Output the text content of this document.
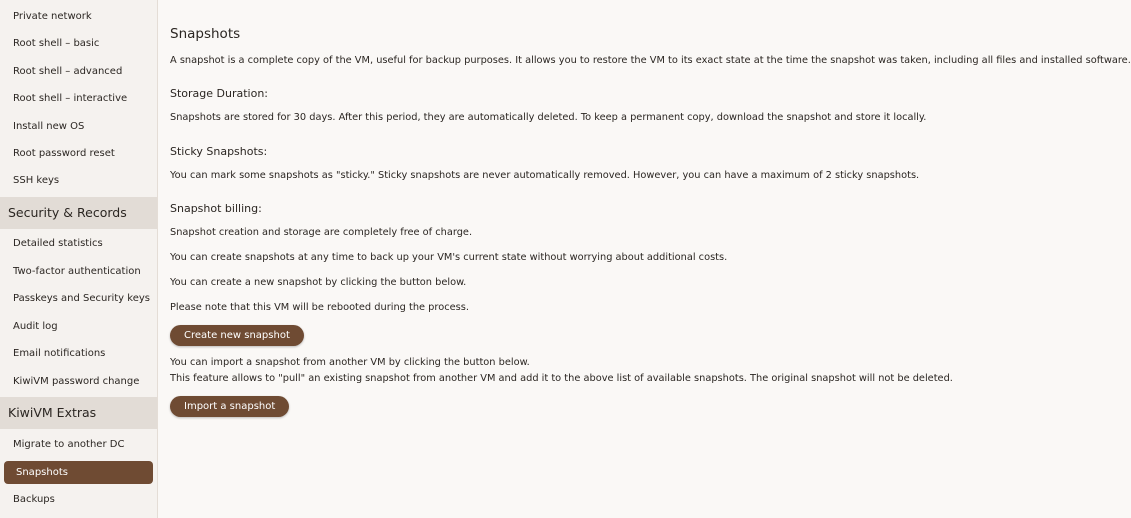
Private network
Root shell – basic
Root shell – advanced
Root shell – interactive
Install new OS
Root password reset
SSH keys
Security & Records
Detailed statistics
Two-factor authentication
Passkeys and Security keys
Audit log
Email notifications
KiwiVM password change
KiwiVM Extras
Migrate to another DC
Snapshots
Backups
Snapshots
A snapshot is a complete copy of the VM, useful for backup purposes. It allows you to restore the VM to its exact state at the time the snapshot was taken, including all files and installed software.
Storage Duration:
Snapshots are stored for 30 days. After this period, they are automatically deleted. To keep a permanent copy, download the snapshot and store it locally.
Sticky Snapshots:
You can mark some snapshots as "sticky." Sticky snapshots are never automatically removed. However, you can have a maximum of 2 sticky snapshots.
Snapshot billing:
Snapshot creation and storage are completely free of charge.
You can create snapshots at any time to back up your VM's current state without worrying about additional costs.
You can create a new snapshot by clicking the button below.
Please note that this VM will be rebooted during the process.
Create new snapshot
You can import a snapshot from another VM by clicking the button below.
This feature allows to "pull" an existing snapshot from another VM and add it to the above list of available snapshots. The original snapshot will not be deleted.
Import a snapshot
